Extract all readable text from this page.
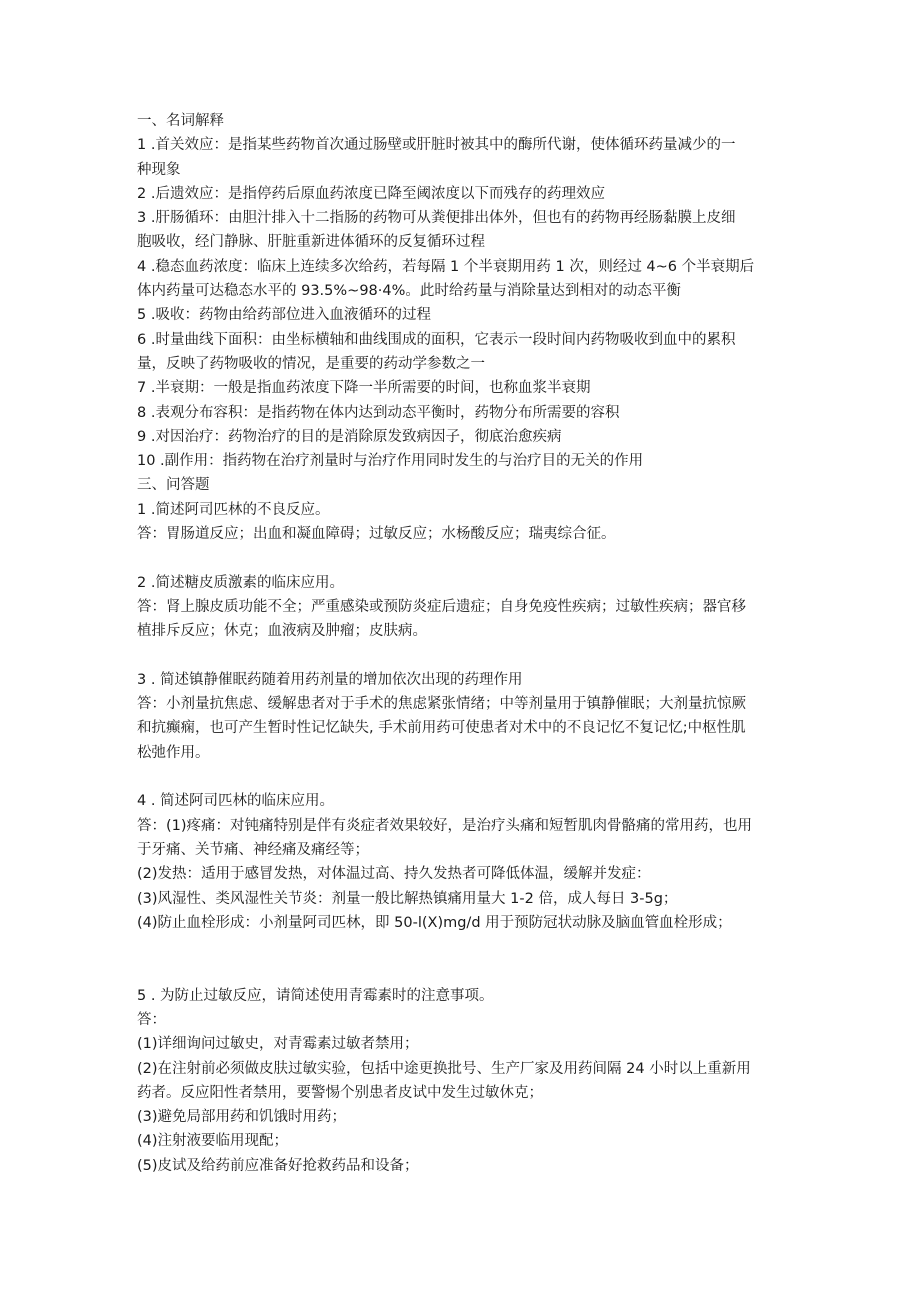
一、名词解释
1 .首关效应：是指某些药物首次通过肠壁或肝脏时被其中的酶所代谢，使体循环药量减少的一
种现象
2 .后遗效应：是指停药后原血药浓度已降至阈浓度以下而残存的药理效应
3 .肝肠循环：由胆汁排入十二指肠的药物可从粪便排出体外，但也有的药物再经肠黏膜上皮细
胞吸收，经门静脉、肝脏重新进体循环的反复循环过程
4 .稳态血药浓度：临床上连续多次给药，若每隔 1 个半衰期用药 1 次，则经过 4~6 个半衰期后
体内药量可达稳态水平的 93.5%~98·4%。此时给药量与消除量达到相对的动态平衡
5 .吸收：药物由给药部位进入血液循环的过程
6 .时量曲线下面积：由坐标横轴和曲线围成的面积，它表示一段时间内药物吸收到血中的累积
量，反映了药物吸收的情况，是重要的药动学参数之一
7 .半衰期：一般是指血药浓度下降一半所需要的时间，也称血浆半衰期
8 .表观分布容积：是指药物在体内达到动态平衡时，药物分布所需要的容积
9 .对因治疗：药物治疗的目的是消除原发致病因子，彻底治愈疾病
10 .副作用：指药物在治疗剂量时与治疗作用同时发生的与治疗目的无关的作用
三、问答题
1 .简述阿司匹林的不良反应。
答：胃肠道反应；出血和凝血障碍；过敏反应；水杨酸反应；瑞夷综合征。
2 .简述糖皮质激素的临床应用。
答：肾上腺皮质功能不全；严重感染或预防炎症后遗症；自身免疫性疾病；过敏性疾病；器官移
植排斥反应；休克；血液病及肿瘤；皮肤病。
3 . 简述镇静催眠药随着用药剂量的增加依次出现的药理作用
答：小剂量抗焦虑、缓解患者对于手术的焦虑紧张情绪；中等剂量用于镇静催眠；大剂量抗惊厥
和抗癫痫，也可产生暂时性记忆缺失, 手术前用药可使患者对术中的不良记忆不复记忆;中枢性肌
松弛作用。
4 . 简述阿司匹林的临床应用。
答：(1)疼痛：对钝痛特别是伴有炎症者效果较好，是治疗头痛和短暂肌肉骨骼痛的常用药，也用
于牙痛、关节痛、神经痛及痛经等；
(2)发热：适用于感冒发热，对体温过高、持久发热者可降低体温，缓解并发症：
(3)风湿性、类风湿性关节炎：剂量一般比解热镇痛用量大 1-2 倍，成人每日 3-5g；
(4)防止血栓形成：小剂量阿司匹林，即 50-l(X)mg/d 用于预防冠状动脉及脑血管血栓形成；
5 . 为防止过敏反应，请简述使用青霉素时的注意事项。
答：
(1)详细询问过敏史，对青霉素过敏者禁用；
(2)在注射前必须做皮肤过敏实验，包括中途更换批号、生产厂家及用药间隔 24 小时以上重新用
药者。反应阳性者禁用，要警惕个别患者皮试中发生过敏休克；
(3)避免局部用药和饥饿时用药；
(4)注射液要临用现配；
(5)皮试及给药前应准备好抢救药品和设备；
